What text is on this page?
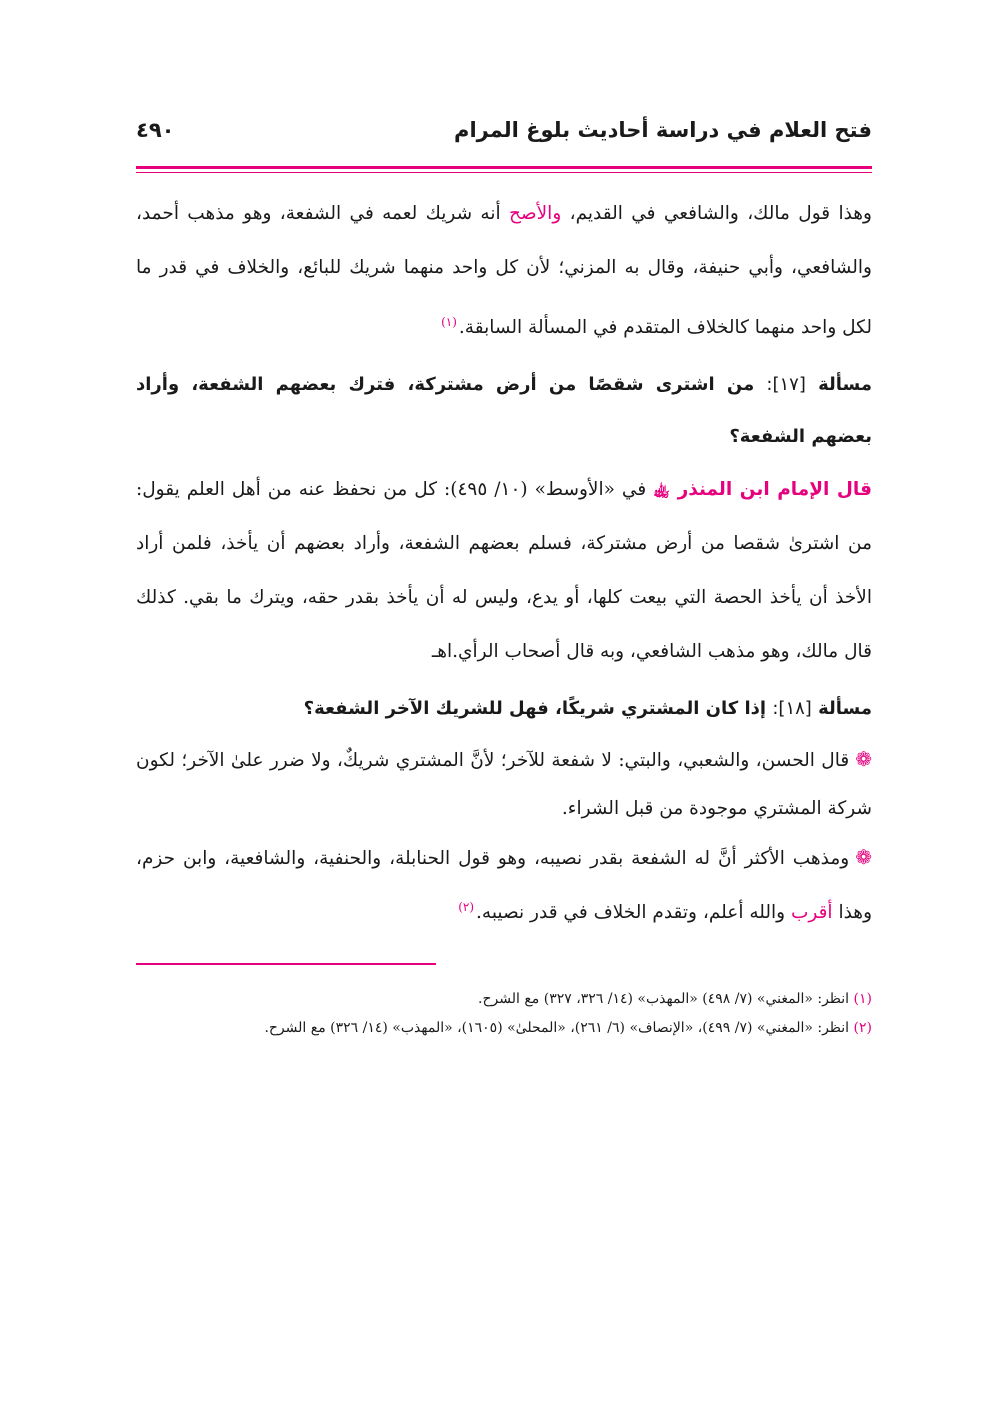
فتح العلام في دراسة أحاديث بلوغ المرام
٤٩٠

وهذا قول مالك، والشافعي في القديم، والأصح أنه شريك لعمه في الشفعة، وهو مذهب أحمد، والشافعي، وأبي حنيفة، وقال به المزني؛ لأن كل واحد منهما شريك للبائع، والخلاف في قدر ما لكل واحد منهما كالخلاف المتقدم في المسألة السابقة.$^{(١)}$

مسألة [١٧]: من اشترى شقصًا من أرض مشتركة، فترك بعضهم الشفعة، وأراد بعضهم الشفعة؟

قال الإمام ابن المنذر ﵀ في «الأوسط» (١٠/ ٤٩٥): كل من نحفظ عنه من أهل العلم يقول: من اشترىٰ شقصا من أرض مشتركة، فسلم بعضهم الشفعة، وأراد بعضهم أن يأخذ، فلمن أراد الأخذ أن يأخذ الحصة التي بيعت كلها، أو يدع، وليس له أن يأخذ بقدر حقه، ويترك ما بقي. كذلك قال مالك، وهو مذهب الشافعي، وبه قال أصحاب الرأي.اهـ

مسألة [١٨]: إذا كان المشتري شريكًا، فهل للشريك الآخر الشفعة؟

❁قال الحسن، والشعبي، والبتي: لا شفعة للآخر؛ لأنَّ المشتري شريكٌ، ولا ضرر علىٰ الآخر؛ لكون شركة المشتري موجودة من قبل الشراء.

❁ومذهب الأكثر أنَّ له الشفعة بقدر نصيبه، وهو قول الحنابلة، والحنفية، والشافعية، وابن حزم، وهذا أقرب والله أعلم، وتقدم الخلاف في قدر نصيبه.$^{(٢)}$

(١) انظر: «المغني» (٧/ ٤٩٨) «المهذب» (١٤/ ٣٢٦، ٣٢٧) مع الشرح.

(٢) انظر: «المغني» (٧/ ٤٩٩)، «الإنصاف» (٦/ ٢٦١)، «المحلىٰ» (١٦٠٥)، «المهذب» (١٤/ ٣٢٦) مع الشرح.
